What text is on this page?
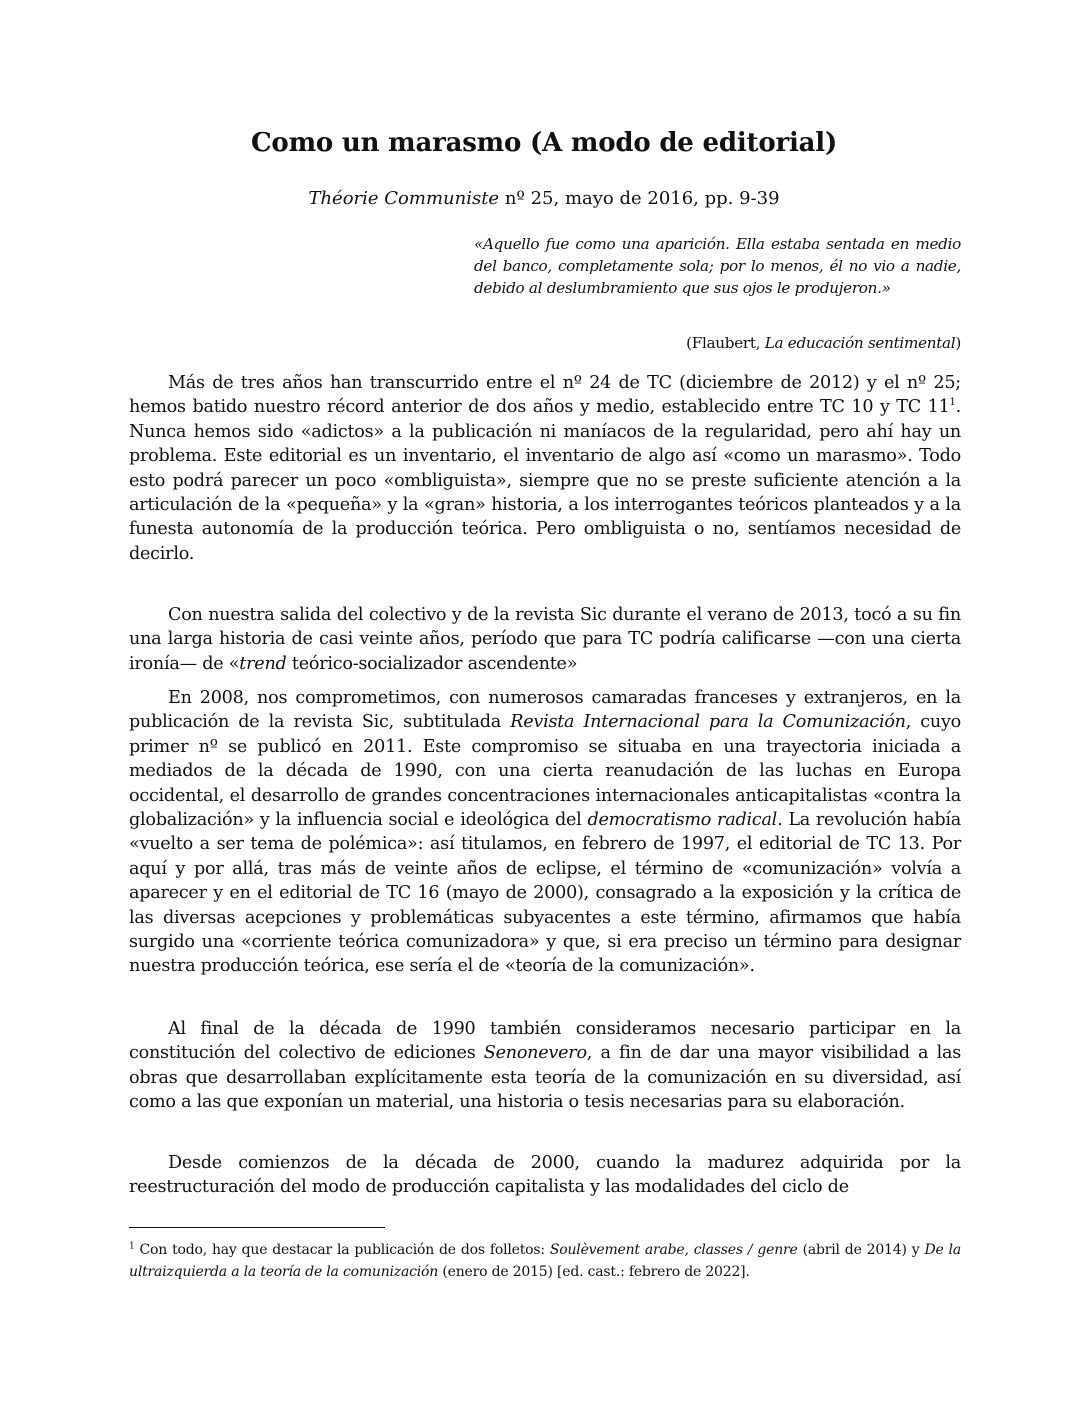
Como un marasmo (A modo de editorial)
Théorie Communiste nº 25, mayo de 2016, pp. 9-39
«Aquello fue como una aparición. Ella estaba sentada en medio del banco, completamente sola; por lo menos, él no vio a nadie, debido al deslumbramiento que sus ojos le produjeron.»
(Flaubert, La educación sentimental)

Más de tres años han transcurrido entre el nº 24 de TC (diciembre de 2012) y el nº 25; hemos batido nuestro récord anterior de dos años y medio, establecido entre TC 10 y TC 11$^1$. Nunca hemos sido «adictos» a la publicación ni maníacos de la regularidad, pero ahí hay un problema. Este editorial es un inventario, el inventario de algo así «como un marasmo». Todo esto podrá parecer un poco «ombliguista», siempre que no se preste suficiente atención a la articulación de la «pequeña» y la «gran» historia, a los interrogantes teóricos planteados y a la funesta autonomía de la producción teórica. Pero ombliguista o no, sentíamos necesidad de decirlo.

Con nuestra salida del colectivo y de la revista Sic durante el verano de 2013, tocó a su fin una larga historia de casi veinte años, período que para TC podría calificarse —con una cierta ironía— de «trend teórico-socializador ascendente»

En 2008, nos comprometimos, con numerosos camaradas franceses y extranjeros, en la publicación de la revista Sic, subtitulada Revista Internacional para la Comunización, cuyo primer nº se publicó en 2011. Este compromiso se situaba en una trayectoria iniciada a mediados de la década de 1990, con una cierta reanudación de las luchas en Europa occidental, el desarrollo de grandes concentraciones internacionales anticapitalistas «contra la globalización» y la influencia social e ideológica del democratismo radical. La revolución había «vuelto a ser tema de polémica»: así titulamos, en febrero de 1997, el editorial de TC 13. Por aquí y por allá, tras más de veinte años de eclipse, el término de «comunización» volvía a aparecer y en el editorial de TC 16 (mayo de 2000), consagrado a la exposición y la crítica de las diversas acepciones y problemáticas subyacentes a este término, afirmamos que había surgido una «corriente teórica comunizadora» y que, si era preciso un término para designar nuestra producción teórica, ese sería el de «teoría de la comunización».

Al final de la década de 1990 también consideramos necesario participar en la constitución del colectivo de ediciones Senonevero, a fin de dar una mayor visibilidad a las obras que desarrollaban explícitamente esta teoría de la comunización en su diversidad, así como a las que exponían un material, una historia o tesis necesarias para su elaboración.

Desde comienzos de la década de 2000, cuando la madurez adquirida por la reestructuración del modo de producción capitalista y las modalidades del ciclo de

$^1$ Con todo, hay que destacar la publicación de dos folletos: Soulèvement arabe, classes / genre (abril de 2014) y De la ultraizquierda a la teoría de la comunización (enero de 2015) [ed. cast.: febrero de 2022].
